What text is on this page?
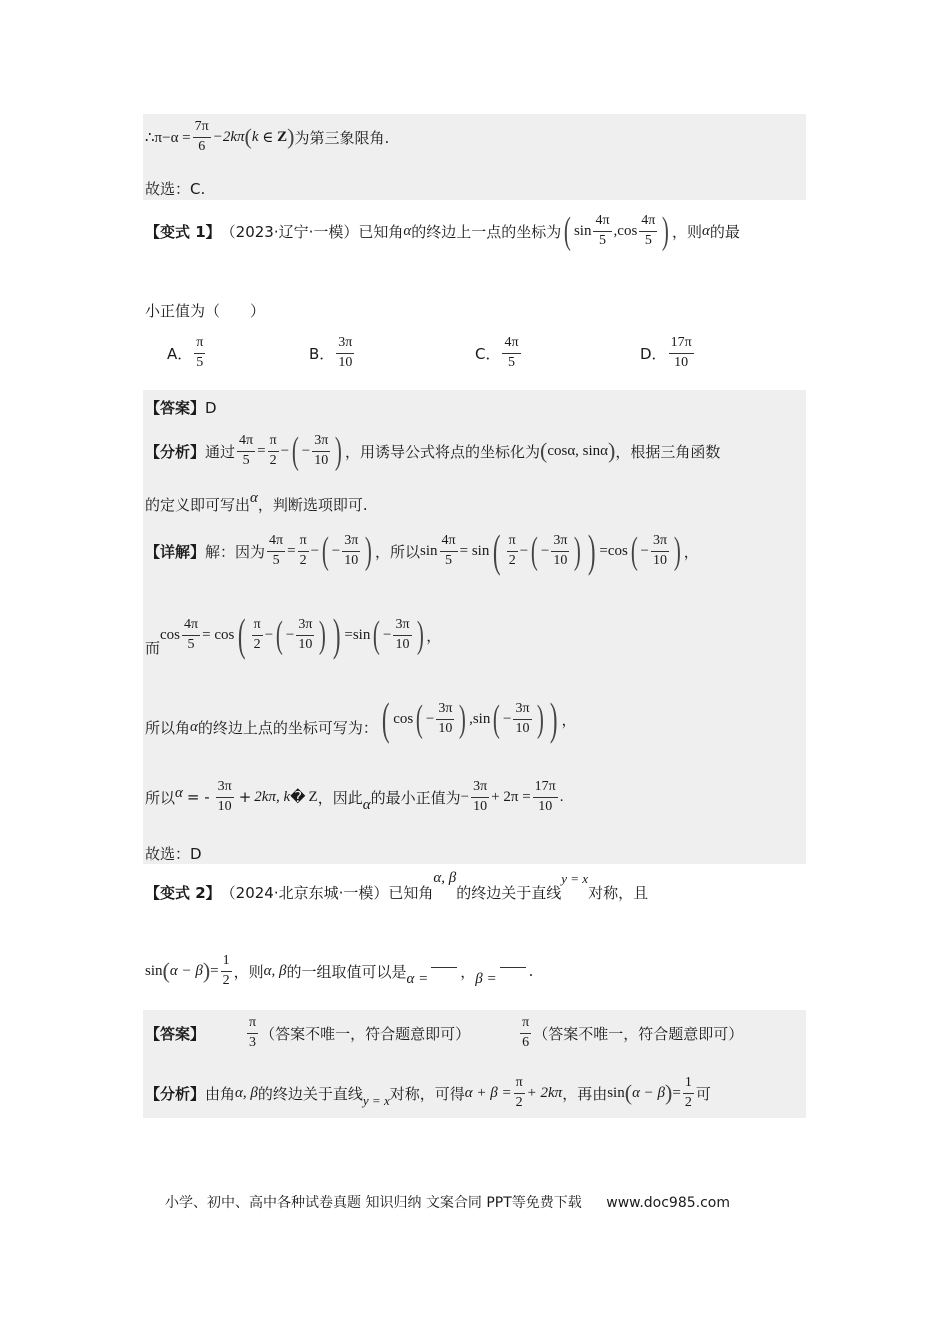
∴π−α = $\frac{7\pi}{6} -2k\pi$ ( k
∈
Z ) 为第三象限角.
故选：C.
【变式 1】 （2023·辽宁·一模）已知角 α 的终边上一点的坐标为 ( $\sin \frac{4\pi}{5}$ , $\cos \frac{4\pi}{5}$ ) ，则 α 的最
小正值为（　　）
A． $\frac{\pi}{5}$	B． $\frac{3\pi}{10}$	C． $\frac{4\pi}{5}$	D． $\frac{17\pi}{10}$
【答案】 D
【分析】 通过 $\frac{4\pi}{5} = \frac{\pi}{2}$ − ( − $\frac{3\pi}{10}$ ) ，用诱导公式将点的坐标化为 ( cosα, sinα ) ，根据三角函数
的定义即可写出 α ，判断选项即可.
【详解】 解：因为 $\frac{4\pi}{5} = \frac{\pi}{2}$ − ( − $\frac{3\pi}{10}$ ) ，所以 $\sin \frac{4\pi}{5}$ =
sin ( $\frac{\pi}{2}$ − ( − $\frac{3\pi}{10}$ ) ) =cos ( − $\frac{3\pi}{10}$ ) ，
而
$\cos \frac{4\pi}{5}$ =
cos ( $\frac{\pi}{2}$ − ( − $\frac{3\pi}{10}$ ) ) =sin ( − $\frac{3\pi}{10}$ ) ，
所以角 α 的终边上点的坐标可写为： ( cos ( − $\frac{3\pi}{10}$ ) , sin ( − $\frac{3\pi}{10}$ ) ) ，
所以 α = - $\frac{3\pi}{10} + 2k\pi$, k � Z ，因此 α 的最小正值为 − $\frac{3\pi}{10} + 2\pi = \frac{17\pi}{10}$ .
故选：D
【变式 2】 （2024·北京东城·一模）已知角
α, β
的终边关于直线
y = x
对称，且
sin ( α − β ) = $\frac{1}{2}$ ，则 α, β 的一组取值可以是 α = ， β = .
【答案】	$\frac{\pi}{3}$ （答案不唯一，符合题意即可）	$\frac{\pi}{6}$ （答案不唯一，符合题意即可）
【分析】 由角 α, β 的终边关于直线 y = x 对称，可得 $\alpha + \beta = \frac{\pi}{2} + 2k\pi$ ，再由 sin ( α − β ) = $\frac{1}{2}$ 可
小学、初中、高中各种试卷真题 知识归纳 文案合同 PPT等免费下载 www.doc985.com
